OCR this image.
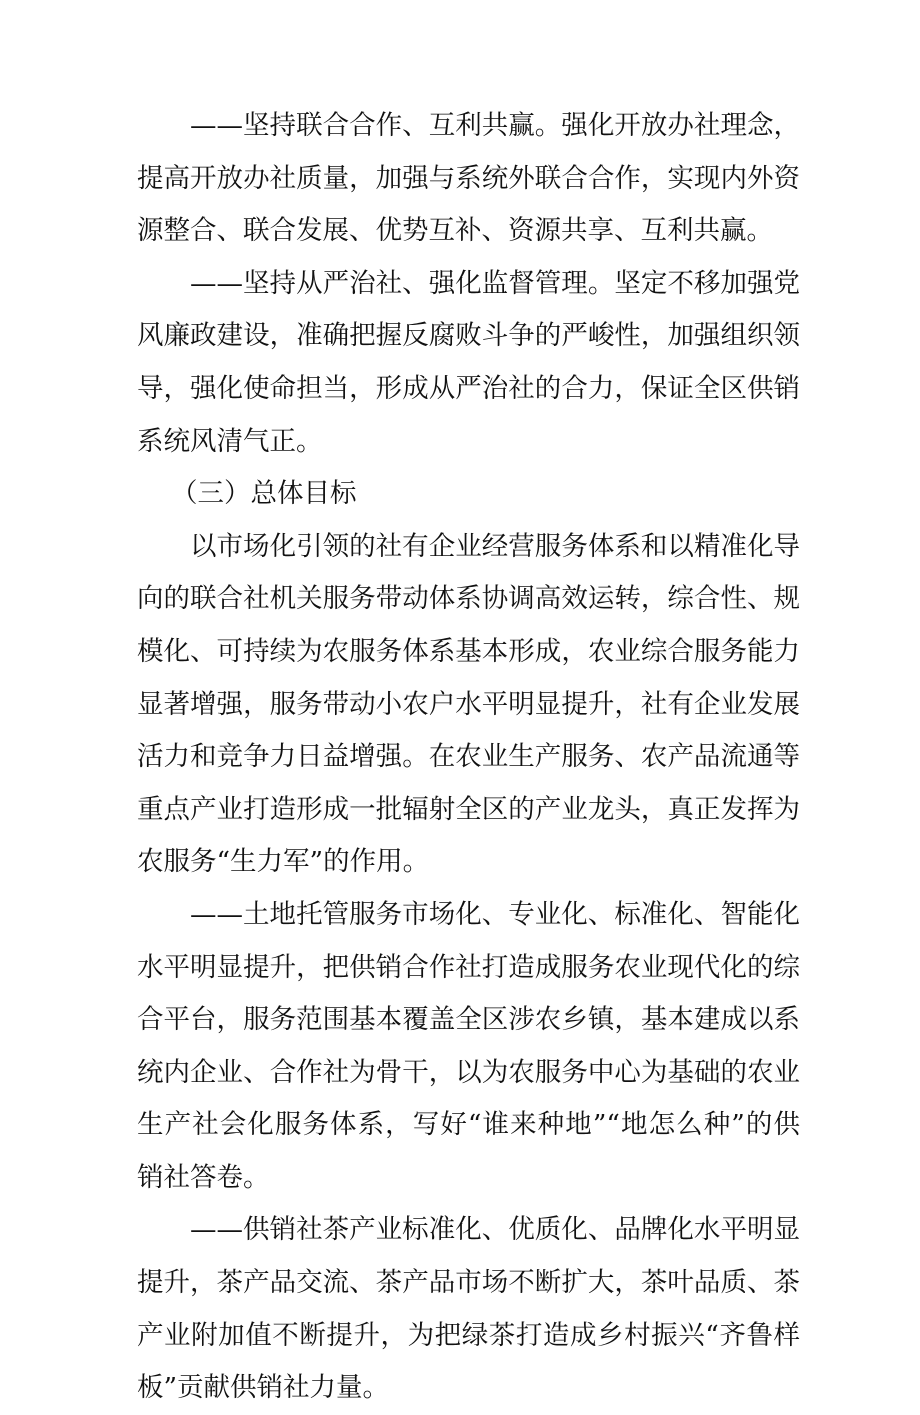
——坚持联合合作、互利共赢。强化开放办社理念，提高开放办社质量，加强与系统外联合合作，实现内外资源整合、联合发展、优势互补、资源共享、互利共赢。

——坚持从严治社、强化监督管理。坚定不移加强党风廉政建设，准确把握反腐败斗争的严峻性，加强组织领导，强化使命担当，形成从严治社的合力，保证全区供销系统风清气正。

（三）总体目标

以市场化引领的社有企业经营服务体系和以精准化导向的联合社机关服务带动体系协调高效运转，综合性、规模化、可持续为农服务体系基本形成，农业综合服务能力显著增强，服务带动小农户水平明显提升，社有企业发展活力和竞争力日益增强。在农业生产服务、农产品流通等重点产业打造形成一批辐射全区的产业龙头，真正发挥为农服务“生力军”的作用。

——土地托管服务市场化、专业化、标准化、智能化水平明显提升，把供销合作社打造成服务农业现代化的综合平台，服务范围基本覆盖全区涉农乡镇，基本建成以系统内企业、合作社为骨干，以为农服务中心为基础的农业生产社会化服务体系，写好“谁来种地”“地怎么种”的供销社答卷。

——供销社茶产业标准化、优质化、品牌化水平明显提升，茶产品交流、茶产品市场不断扩大，茶叶品质、茶产业附加值不断提升，为把绿茶打造成乡村振兴“齐鲁样板”贡献供销社力量。
